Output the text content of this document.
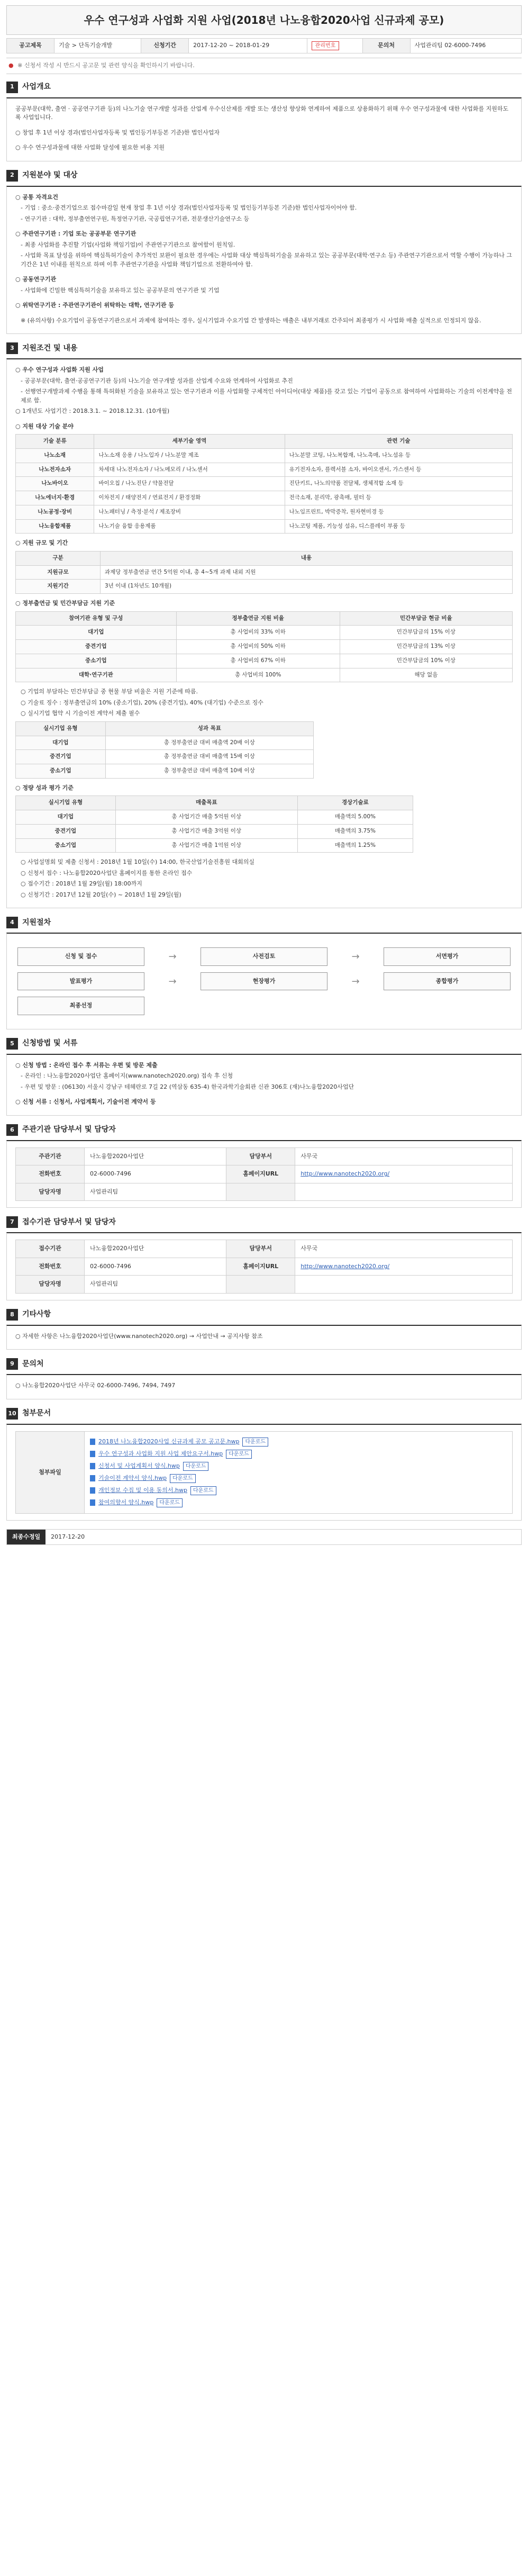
우수 연구성과 사업화 지원 사업(2018년 나노융합2020사업 신규과제 공모)
공고제목	기술 > 단독기술개발	신청기간	2017-12-20 ~ 2018-01-29	관리번호	문의처	사업관리팀 02-6000-7496
● ※ 신청서 작성 시 반드시 공고문 및 관련 양식을 확인하시기 바랍니다.
1	사업개요

공공부문(대학, 출연 · 공공연구기관 등)의 나노기술 연구개발 성과를 산업계 우수신산제를 개발 또는 생산성 향상화 연계하여 제품으로 상용화하기 위해 우수 연구성과물에 대한 사업화를 지원하도록 사업입니다.

○ 창업 후 1년 이상 경과(법인사업자등록 및 법인등기부등본 기준)한 법인사업자

○ 우수 연구성과물에 대한 사업화 달성에 필요한 비용 지원

2	지원분야 및 대상

○ 공통 자격요건

- 기업 : 중소·중견기업으로 접수마감일 현재 창업 후 1년 이상 경과(법인사업자등록 및 법인등기부등본 기준)한 법인사업자이어야 함.

- 연구기관 : 대학, 정부출연연구원, 특정연구기관, 국공립연구기관, 전문생산기술연구소 등

○ 주관연구기관 : 기업 또는 공공부문 연구기관

- 최종 사업화를 추진할 기업(사업화 책임기업)이 주관연구기관으로 참여함이 원칙임.

- 사업화 목표 달성을 위하여 핵심특허기술이 추가적인 보완이 필요한 경우에는 사업화 대상 핵심특허기술을 보유하고 있는 공공부문(대학·연구소 등) 주관연구기관으로서 역할 수행이 가능하나 그 기간은 1년 이내를 원칙으로 하며 이후 주관연구기관을 사업화 책임기업으로 전환하여야 함.

○ 공동연구기관

- 사업화에 긴밀한 핵심특허기술을 보유하고 있는 공공부문의 연구기관 및 기업

○ 위탁연구기관 : 주관연구기관이 위탁하는 대학, 연구기관 등

※ (유의사항) 수요기업이 공동연구기관으로서 과제에 참여하는 경우, 실시기업과 수요기업 간 발생하는 매출은 내부거래로 간주되어 최종평가 시 사업화 매출 실적으로 인정되지 않음.

3	지원조건 및 내용

○ 우수 연구성과 사업화 지원 사업

- 공공부문(대학, 출연·공공연구기관 등)의 나노기술 연구개발 성과를 산업계 수요와 연계하여 사업화로 추진

- 선행연구개발과제 수행을 통해 특허화된 기술을 보유하고 있는 연구기관과 이를 사업화할 구체적인 아이디어(대상 제품)를 갖고 있는 기업이 공동으로 참여하여 사업화하는 기술의 이전계약을 전제로 함.

○ 1개년도 사업기간 : 2018.3.1. ~ 2018.12.31. (10개월)

○ 지원 대상 기술 분야

기술 분류	세부기술 영역	관련 기술
나노소재	나노소재 응용 / 나노입자 / 나노분말 제조	나노분말 코팅, 나노복합재, 나노촉매, 나노섬유 등
나노전자소자	차세대 나노전자소자 / 나노메모리 / 나노센서	유기전자소자, 플렉서블 소자, 바이오센서, 가스센서 등
나노바이오	바이오칩 / 나노진단 / 약물전달	진단키트, 나노의약품 전달체, 생체적합 소재 등
나노에너지·환경	이차전지 / 태양전지 / 연료전지 / 환경정화	전극소재, 분리막, 광촉매, 필터 등
나노공정·장비	나노패터닝 / 측정·분석 / 제조장비	나노임프린트, 박막증착, 원자현미경 등
나노융합제품	나노기술 융합 응용제품	나노코팅 제품, 기능성 섬유, 디스플레이 부품 등

○ 지원 규모 및 기간

구분	내용
지원규모	과제당 정부출연금 연간 5억원 이내, 총 4~5개 과제 내외 지원
지원기간	3년 이내 (1차년도 10개월)

○ 정부출연금 및 민간부담금 지원 기준

참여기관 유형 및 구성	정부출연금 지원 비율	민간부담금 현금 비율
대기업	총 사업비의 33% 이하	민간부담금의 15% 이상
중견기업	총 사업비의 50% 이하	민간부담금의 13% 이상
중소기업	총 사업비의 67% 이하	민간부담금의 10% 이상
대학·연구기관	총 사업비의 100%	해당 없음

○ 기업의 부담하는 민간부담금 중 현물 부담 비율은 지원 기준에 따름.

○ 기술료 징수 : 정부출연금의 10% (중소기업), 20% (중견기업), 40% (대기업) 수준으로 징수

○ 실시기업 협약 시 기술이전 계약서 제출 필수

실시기업 유형	성과 목표
대기업	총 정부출연금 대비 매출액 20배 이상
중견기업	총 정부출연금 대비 매출액 15배 이상
중소기업	총 정부출연금 대비 매출액 10배 이상

○ 정량 성과 평가 기준

실시기업 유형	매출목표	경상기술료
대기업	총 사업기간 매출 5억원 이상	매출액의 5.00%
중견기업	총 사업기간 매출 3억원 이상	매출액의 3.75%
중소기업	총 사업기간 매출 1억원 이상	매출액의 1.25%

○ 사업설명회 및 제출 신청서 : 2018년 1월 10일(수) 14:00, 한국산업기술진흥원 대회의실

○ 신청서 접수 : 나노융합2020사업단 홈페이지를 통한 온라인 접수

○ 접수기간 : 2018년 1월 29일(월) 18:00까지

○ 신청기간 : 2017년 12월 20일(수) ~ 2018년 1월 29일(월)

4	지원절차
신청 및 접수	→	사전검토	→	서면평가
발표평가	→	현장평가	→	종합평가
최종선정
5	신청방법 및 서류

○ 신청 방법 : 온라인 접수 후 서류는 우편 및 방문 제출

- 온라인 : 나노융합2020사업단 홈페이지(www.nanotech2020.org) 접속 후 신청

- 우편 및 방문 : (06130) 서울시 강남구 테헤란로 7길 22 (역삼동 635-4) 한국과학기술회관 신관 306호 (재)나노융합2020사업단

○ 신청 서류 : 신청서, 사업계획서, 기술이전 계약서 등

6	주관기관 담당부서 및 담당자
주관기관	나노융합2020사업단	담당부서	사무국
전화번호	02-6000-7496	홈페이지URL	http://www.nanotech2020.org/
담당자명	사업관리팀		
7	접수기관 담당부서 및 담당자
접수기관	나노융합2020사업단	담당부서	사무국
전화번호	02-6000-7496	홈페이지URL	http://www.nanotech2020.org/
담당자명	사업관리팀		
8	기타사항

○ 자세한 사항은 나노융합2020사업단(www.nanotech2020.org) → 사업안내 → 공지사항 참조

9	문의처

○ 나노융합2020사업단 사무국 02-6000-7496, 7494, 7497

10 첨부문서
첨부파일	
2018년 나노융합2020사업 신규과제 공모 공고문.hwp 다운로드
우수 연구성과 사업화 지원 사업 제안요구서.hwp 다운로드
신청서 및 사업계획서 양식.hwp 다운로드
기술이전 계약서 양식.hwp 다운로드
개인정보 수집 및 이용 동의서.hwp 다운로드
참여의향서 양식.hwp 다운로드
최종수정일	2017-12-20
